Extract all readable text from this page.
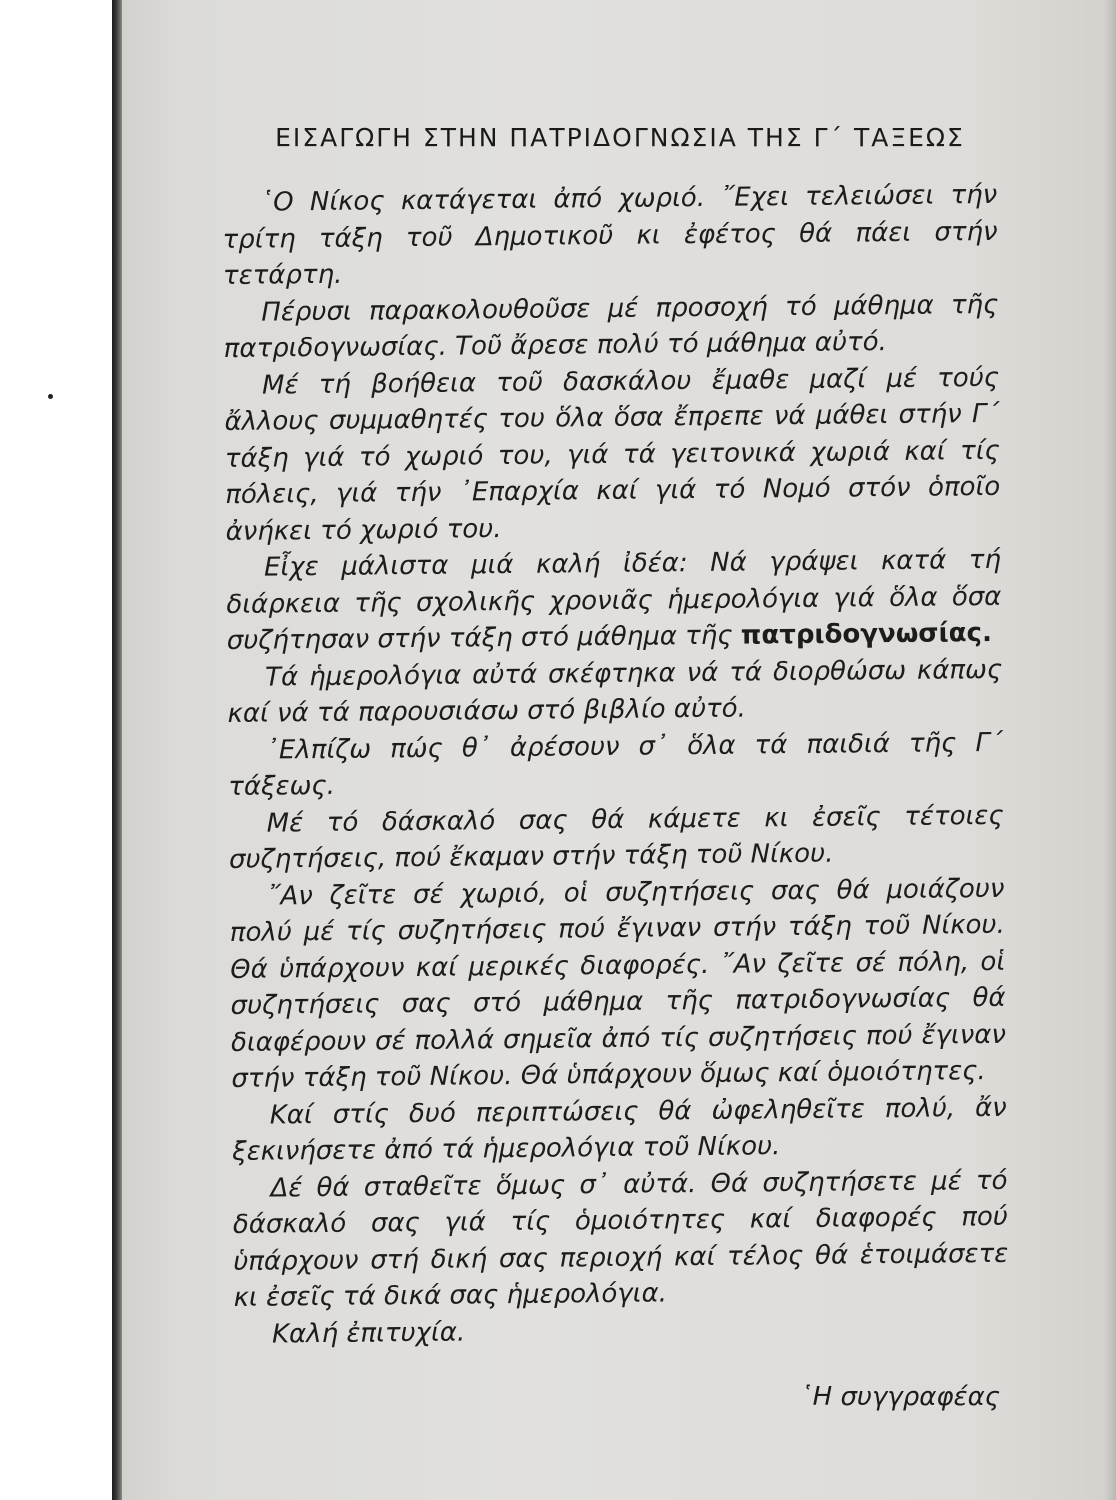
ΕΙΣΑΓΩΓΗ ΣΤΗΝ ΠΑΤΡΙΔΟΓΝΩΣΙΑ ΤΗΣ Γ΄ ΤΑΞΕΩΣ

῾Ο Νίκος κατάγεται ἀπό χωριό. ῎Εχει τελειώσει τήν τρίτη τάξη τοῦ Δημοτικοῦ κι ἐφέτος θά πάει στήν τετάρτη.

Πέρυσι παρακολουθοῦσε μέ προσοχή τό μάθημα τῆς πατριδογνωσίας. Τοῦ ἄρεσε πολύ τό μάθημα αὐτό.

Μέ τή βοήθεια τοῦ δασκάλου ἔμαθε μαζί μέ τούς ἄλλους συμμαθητές του ὅλα ὅσα ἔπρεπε νά μάθει στήν Γ΄ τάξη γιά τό χωριό του, γιά τά γειτονικά χωριά καί τίς πόλεις, γιά τήν ᾿Επαρχία καί γιά τό Νομό στόν ὁποῖο ἀνήκει τό χωριό του.

Εἶχε μάλιστα μιά καλή ἰδέα: Νά γράψει κατά τή διάρκεια τῆς σχολικῆς χρονιᾶς ἡμερολόγια γιά ὅλα ὅσα συζήτησαν στήν τάξη στό μάθημα τῆς πατριδογνωσίας.

Τά ἡμερολόγια αὐτά σκέφτηκα νά τά διορθώσω κάπως καί νά τά παρουσιάσω στό βιβλίο αὐτό.

᾿Ελπίζω πώς θ᾿ ἀρέσουν σ᾿ ὅλα τά παιδιά τῆς Γ΄ τάξεως.

Μέ τό δάσκαλό σας θά κάμετε κι ἐσεῖς τέτοιες συζητήσεις, πού ἔκαμαν στήν τάξη τοῦ Νίκου.

῎Αν ζεῖτε σέ χωριό, οἱ συζητήσεις σας θά μοιάζουν πολύ μέ τίς συζητήσεις πού ἔγιναν στήν τάξη τοῦ Νίκου. Θά ὑπάρχουν καί μερικές διαφορές. ῎Αν ζεῖτε σέ πόλη, οἱ συζητήσεις σας στό μάθημα τῆς πατριδογνωσίας θά διαφέρουν σέ πολλά σημεῖα ἀπό τίς συζητήσεις πού ἔγιναν στήν τάξη τοῦ Νίκου. Θά ὑπάρχουν ὅμως καί ὁμοιότητες.

Καί στίς δυό περιπτώσεις θά ὠφεληθεῖτε πολύ, ἄν ξεκινήσετε ἀπό τά ἡμερολόγια τοῦ Νίκου.

Δέ θά σταθεῖτε ὅμως σ᾿ αὐτά. Θά συζητήσετε μέ τό δάσκαλό σας γιά τίς ὁμοιότητες καί διαφορές πού ὑπάρχουν στή δική σας περιοχή καί τέλος θά ἑτοιμάσετε κι ἐσεῖς τά δικά σας ἡμερολόγια.

Καλή ἐπιτυχία.

῾Η συγγραφέας
